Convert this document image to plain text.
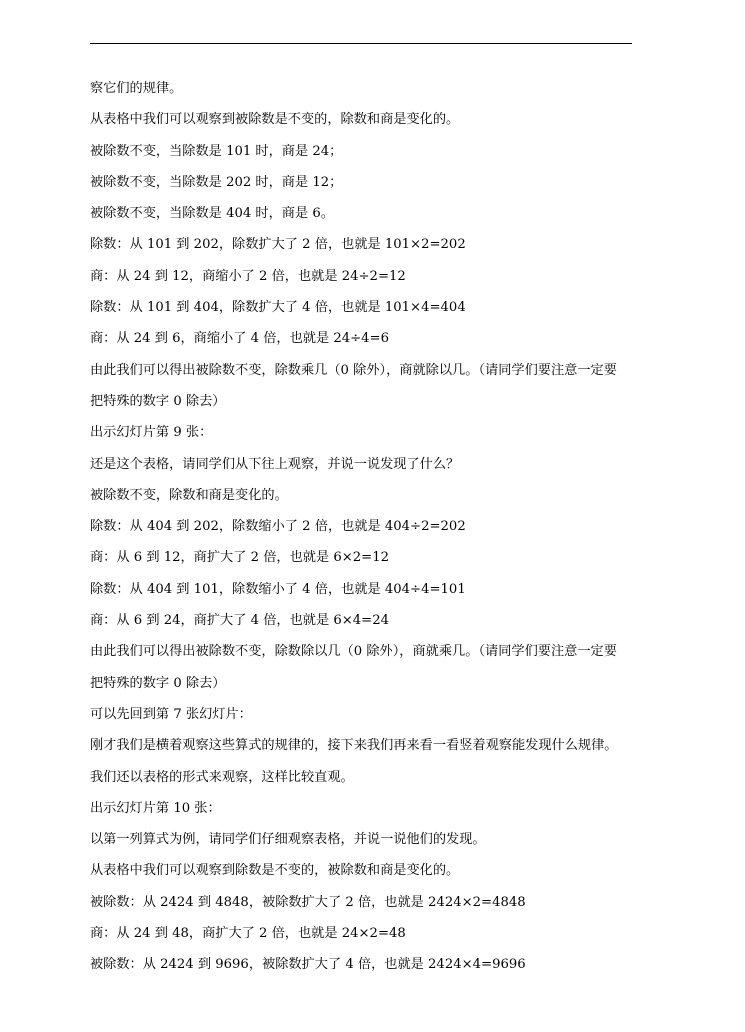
察它们的规律。
从表格中我们可以观察到被除数是不变的，除数和商是变化的。
被除数不变，当除数是 101 时，商是 24；
被除数不变，当除数是 202 时，商是 12；
被除数不变，当除数是 404 时，商是 6。
除数：从 101 到 202，除数扩大了 2 倍，也就是 101×2=202
商：从 24 到 12，商缩小了 2 倍，也就是 24÷2=12
除数：从 101 到 404，除数扩大了 4 倍，也就是 101×4=404
商：从 24 到 6，商缩小了 4 倍，也就是 24÷4=6
由此我们可以得出被除数不变，除数乘几（0 除外），商就除以几。（请同学们要注意一定要
把特殊的数字 0 除去）
出示幻灯片第 9 张：
还是这个表格，请同学们从下往上观察，并说一说发现了什么？
被除数不变，除数和商是变化的。
除数：从 404 到 202，除数缩小了 2 倍，也就是 404÷2=202
商：从 6 到 12，商扩大了 2 倍，也就是 6×2=12
除数：从 404 到 101，除数缩小了 4 倍，也就是 404÷4=101
商：从 6 到 24，商扩大了 4 倍，也就是 6×4=24
由此我们可以得出被除数不变，除数除以几（0 除外），商就乘几。（请同学们要注意一定要
把特殊的数字 0 除去）
可以先回到第 7 张幻灯片：
刚才我们是横着观察这些算式的规律的，接下来我们再来看一看竖着观察能发现什么规律。
我们还以表格的形式来观察，这样比较直观。
出示幻灯片第 10 张：
以第一列算式为例，请同学们仔细观察表格，并说一说他们的发现。
从表格中我们可以观察到除数是不变的，被除数和商是变化的。
被除数：从 2424 到 4848，被除数扩大了 2 倍，也就是 2424×2=4848
商：从 24 到 48，商扩大了 2 倍，也就是 24×2=48
被除数：从 2424 到 9696，被除数扩大了 4 倍，也就是 2424×4=9696
